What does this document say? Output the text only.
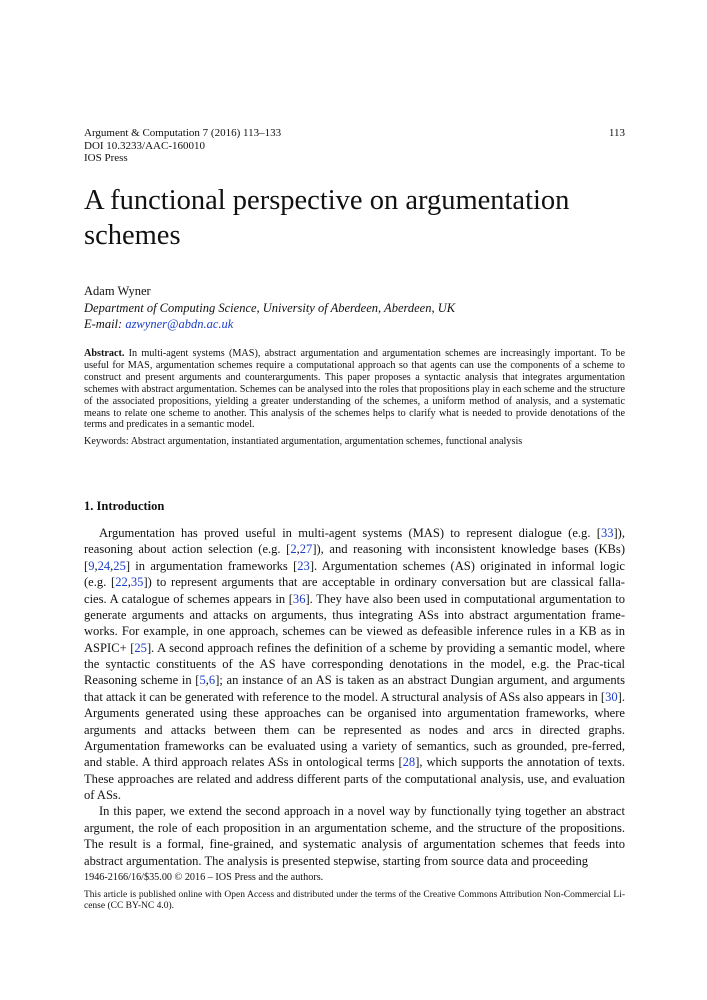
Argument & Computation 7 (2016) 113–133
DOI 10.3233/AAC-160010
IOS Press
113
A functional perspective on argumentation
schemes
Adam Wyner
Department of Computing Science, University of Aberdeen, Aberdeen, UK
E-mail: azwyner@abdn.ac.uk

Abstract. In multi-agent systems (MAS), abstract argumentation and argumentation schemes are increasingly important. To be useful for MAS, argumentation schemes require a computational approach so that agents can use the components of a scheme to construct and present arguments and counterarguments. This paper proposes a syntactic analysis that integrates argumentation schemes with abstract argumentation. Schemes can be analysed into the roles that propositions play in each scheme and the structure of the associated propositions, yielding a greater understanding of the schemes, a uniform method of analysis, and a systematic means to relate one scheme to another. This analysis of the schemes helps to clarify what is needed to provide denotations of the terms and predicates in a semantic model.

Keywords: Abstract argumentation, instantiated argumentation, argumentation schemes, functional analysis

1. Introduction

Argumentation has proved useful in multi-agent systems (MAS) to represent dialogue (e.g. [33]), reasoning about action selection (e.g. [2,27]), and reasoning with inconsistent knowledge bases (KBs) [9,24,25] in argumentation frameworks [23]. Argumentation schemes (AS) originated in informal logic (e.g. [22,35]) to represent arguments that are acceptable in ordinary conversation but are classical falla-cies. A catalogue of schemes appears in [36]. They have also been used in computational argumentation to generate arguments and attacks on arguments, thus integrating ASs into abstract argumentation frame-works. For example, in one approach, schemes can be viewed as defeasible inference rules in a KB as in ASPIC+ [25]. A second approach refines the definition of a scheme by providing a semantic model, where the syntactic constituents of the AS have corresponding denotations in the model, e.g. the Prac-tical Reasoning scheme in [5,6]; an instance of an AS is taken as an abstract Dungian argument, and arguments that attack it can be generated with reference to the model. A structural analysis of ASs also appears in [30]. Arguments generated using these approaches can be organised into argumentation frameworks, where arguments and attacks between them can be represented as nodes and arcs in directed graphs. Argumentation frameworks can be evaluated using a variety of semantics, such as grounded, pre-ferred, and stable. A third approach relates ASs in ontological terms [28], which supports the annotation of texts. These approaches are related and address different parts of the computational analysis, use, and evaluation of ASs.

In this paper, we extend the second approach in a novel way by functionally tying together an abstract argument, the role of each proposition in an argumentation scheme, and the structure of the propositions. The result is a formal, fine-grained, and systematic analysis of argumentation schemes that feeds into abstract argumentation. The analysis is presented stepwise, starting from source data and proceeding

1946-2166/16/$35.00 © 2016 – IOS Press and the authors.
This article is published online with Open Access and distributed under the terms of the Creative Commons Attribution Non-Commercial Li-cense (CC BY-NC 4.0).
